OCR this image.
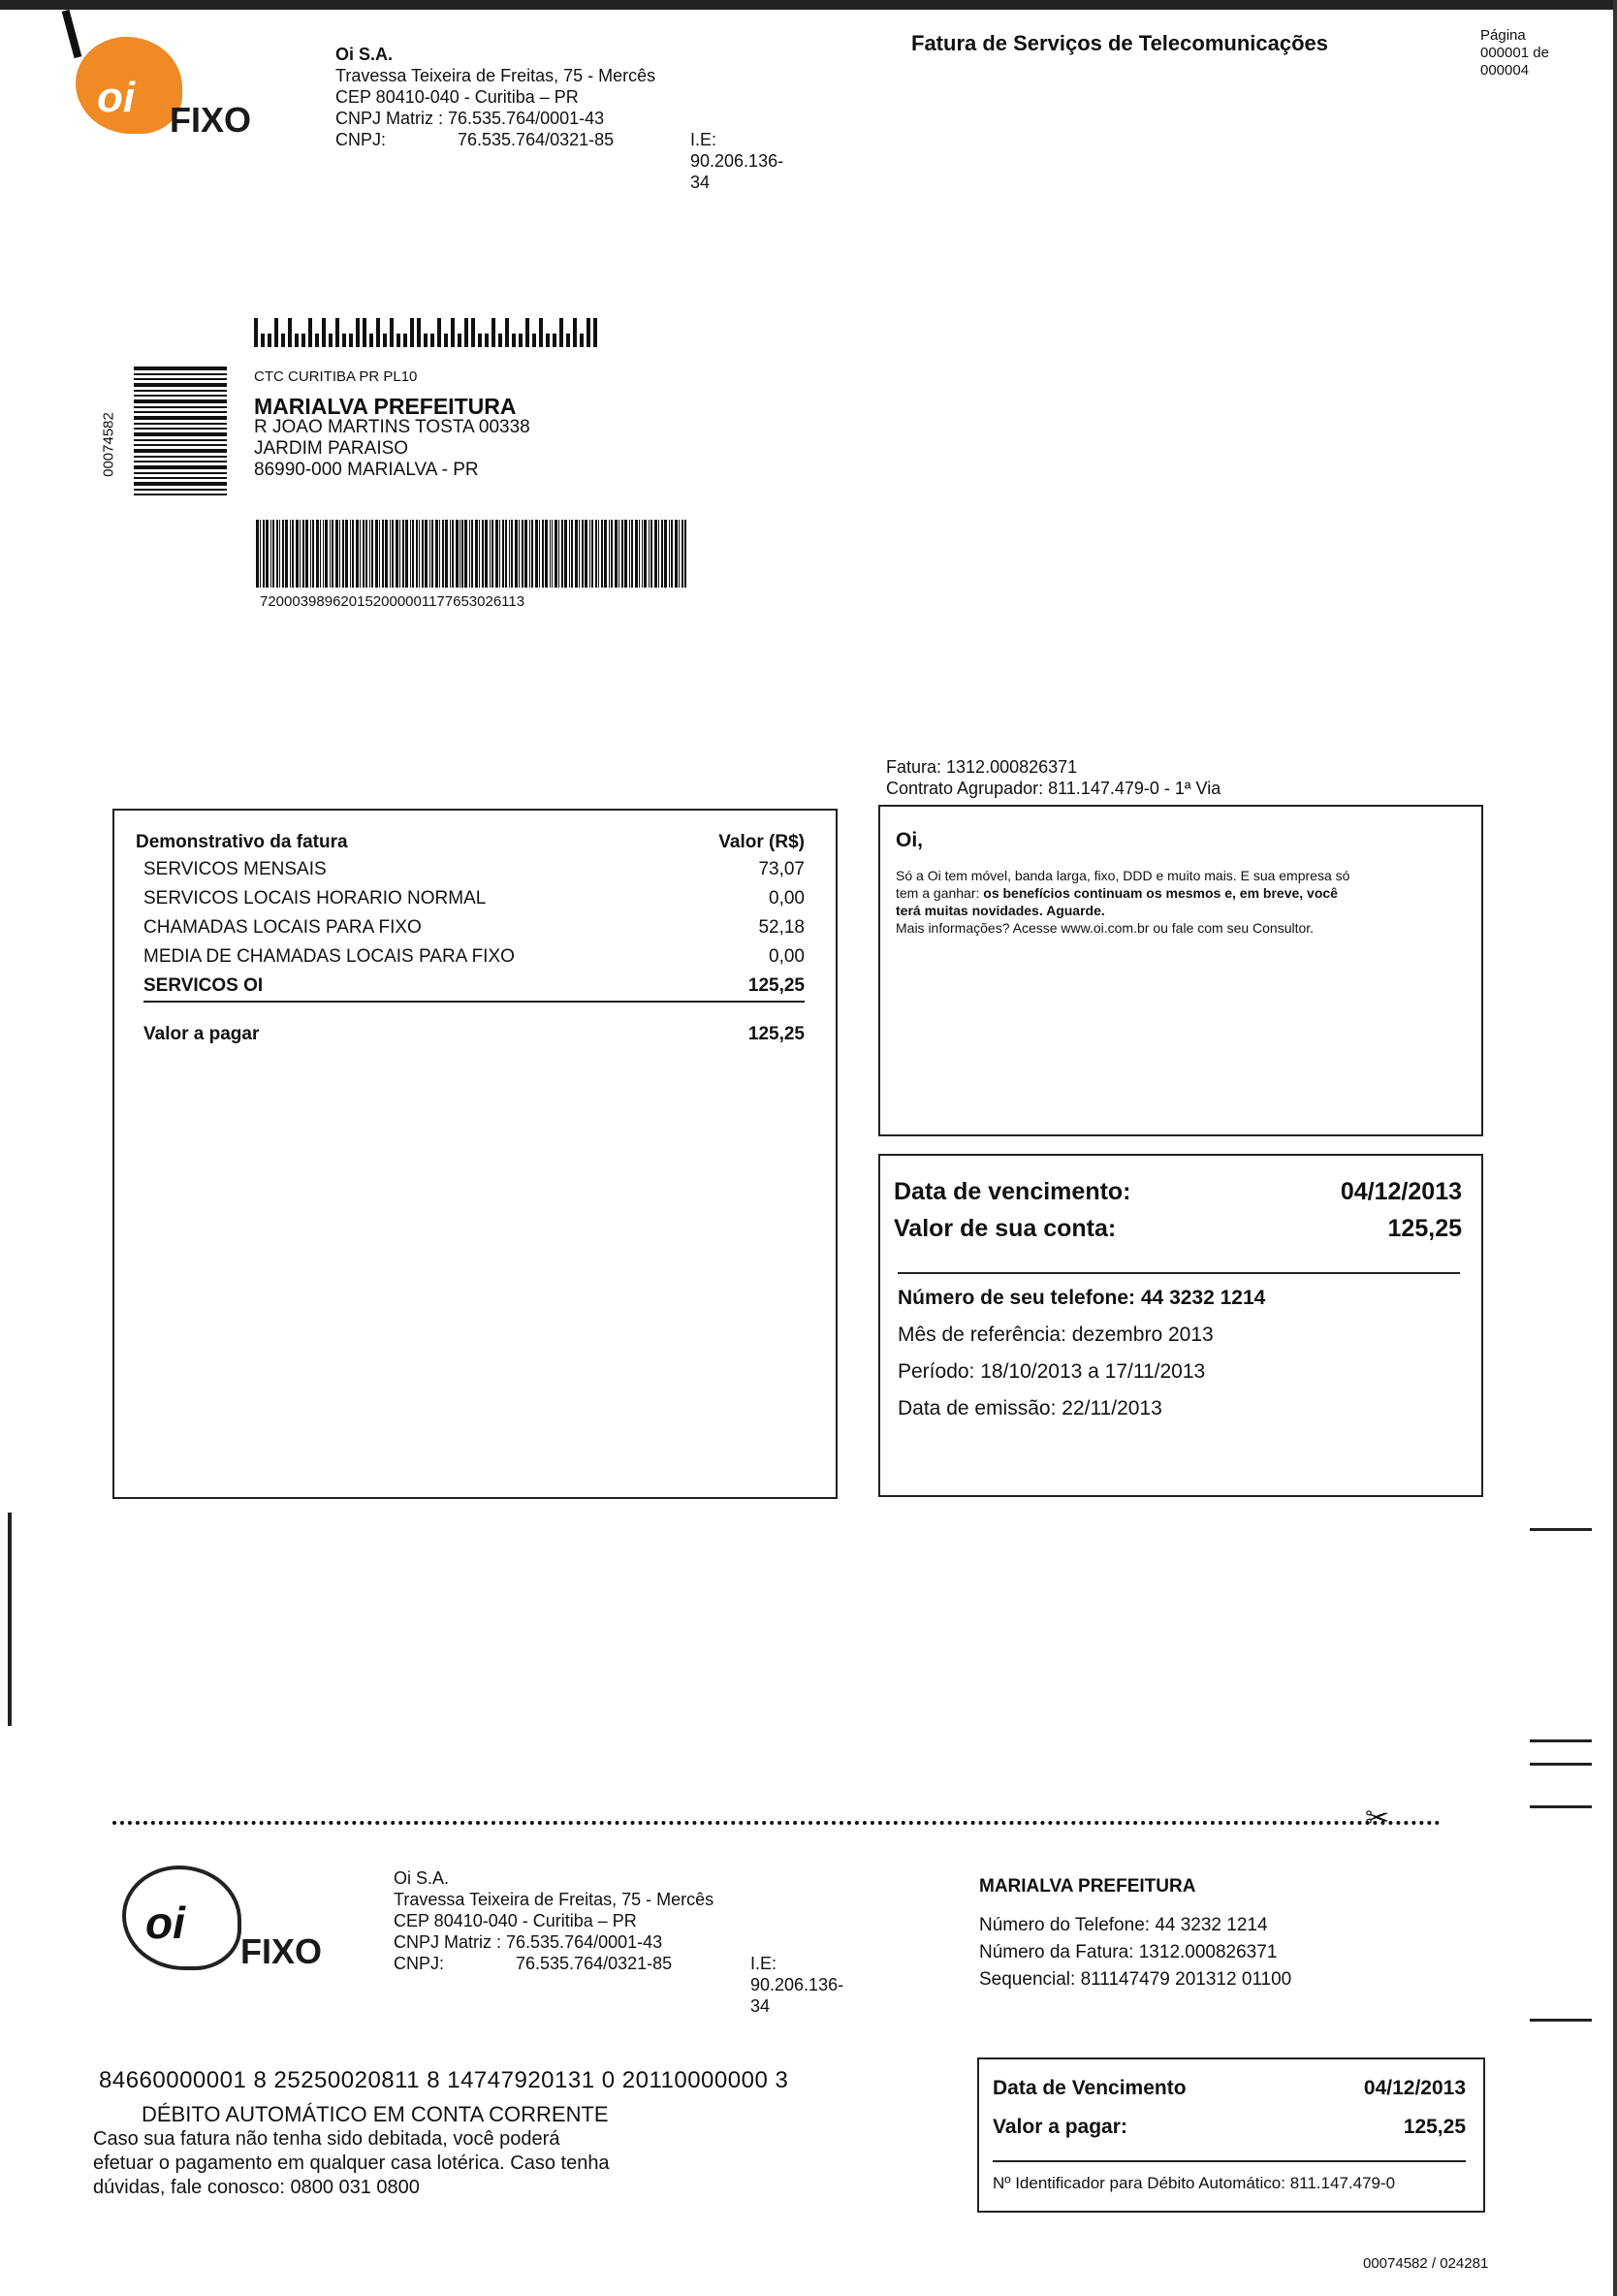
oi FIXO
Oi S.A.
Travessa Teixeira de Freitas, 75 - Mercês
CEP 80410-040 - Curitiba – PR
CNPJ Matriz : 76.535.764/0001-43
CNPJ:	76.535.764/0321-85	I.E: 90.206.136-34
Fatura de Serviços de Telecomunicações	Página
000001 de
000004
00074582
CTC CURITIBA PR PL10
MARIALVA PREFEITURA
R JOAO MARTINS TOSTA 00338
JARDIM PARAISO
86990-000 MARIALVA - PR
720003989620152000001177653026113
Fatura: 1312.000826371
Contrato Agrupador: 811.147.479-0 - 1ª Via
Demonstrativo da fatura	Valor (R$)
SERVICOS MENSAIS	73,07
SERVICOS LOCAIS HORARIO NORMAL	0,00
CHAMADAS LOCAIS PARA FIXO	52,18
MEDIA DE CHAMADAS LOCAIS PARA FIXO	0,00
SERVICOS OI	125,25
Valor a pagar	125,25
Oi,
Só a Oi tem móvel, banda larga, fixo, DDD e muito mais. E sua empresa só
tem a ganhar: os benefícios continuam os mesmos e, em breve, você
terá muitas novidades. Aguarde.
Mais informações? Acesse www.oi.com.br ou fale com seu Consultor.
Data de vencimento:	04/12/2013
Valor de sua conta:	125,25
Número de seu telefone: 44 3232 1214
Mês de referência: dezembro 2013
Período: 18/10/2013 a 17/11/2013
Data de emissão: 22/11/2013
✂
oi
FIXO
Oi S.A.
Travessa Teixeira de Freitas, 75 - Mercês
CEP 80410-040 - Curitiba – PR
CNPJ Matriz : 76.535.764/0001-43
CNPJ:	76.535.764/0321-85	I.E: 90.206.136-34
MARIALVA PREFEITURA
Número do Telefone: 44 3232 1214
Número da Fatura: 1312.000826371
Sequencial: 811147479 201312 01100
84660000001 8 25250020811 8 14747920131 0 20110000000 3
DÉBITO AUTOMÁTICO EM CONTA CORRENTE
Caso sua fatura não tenha sido debitada, você poderá
efetuar o pagamento em qualquer casa lotérica. Caso tenha
dúvidas, fale conosco: 0800 031 0800
Data de Vencimento	04/12/2013
Valor a pagar:	125,25
Nº Identificador para Débito Automático: 811.147.479-0
00074582 / 024281
